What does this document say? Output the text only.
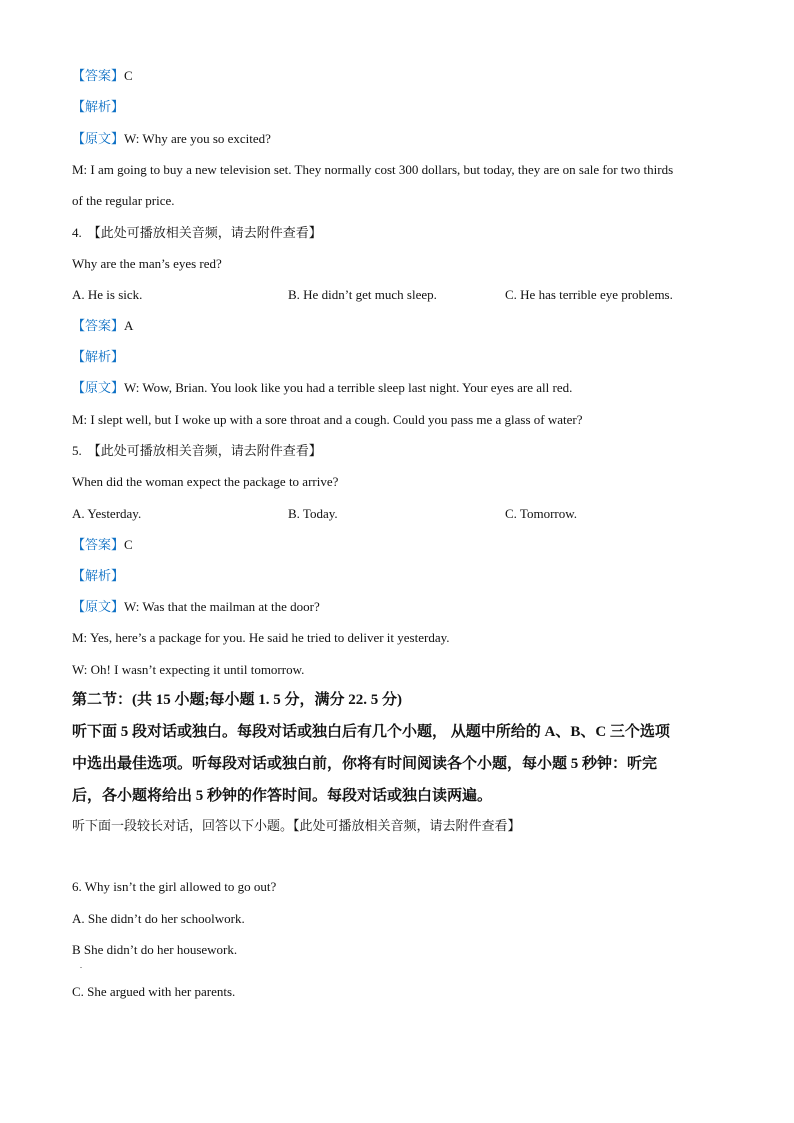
【答案】C
【解析】
【原文】W: Why are you so excited?
M: I am going to buy a new television set. They normally cost 300 dollars, but today, they are on sale for two thirds
of the regular price.
4. 【此处可播放相关音频，请去附件查看】
Why are the man’s eyes red?
A. He is sick.	B. He didn’t get much sleep.	C. He has terrible eye problems.
【答案】A
【解析】
【原文】W: Wow, Brian. You look like you had a terrible sleep last night. Your eyes are all red.
M: I slept well, but I woke up with a sore throat and a cough. Could you pass me a glass of water?
5. 【此处可播放相关音频，请去附件查看】
When did the woman expect the package to arrive?
A. Yesterday.	B. Today.	C. Tomorrow.
【答案】C
【解析】
【原文】W: Was that the mailman at the door?
M: Yes, here’s a package for you. He said he tried to deliver it yesterday.
W: Oh! I wasn’t expecting it until tomorrow.
第二节：(共 15 小题;每小题 1. 5 分，满分 22. 5 分)
听下面 5 段对话或独白。每段对话或独白后有几个小题， 从题中所给的 A、B、C 三个选项
中选出最佳选项。听每段对话或独白前，你将有时间阅读各个小题，每小题 5 秒钟：听完
后，各小题将给出 5 秒钟的作答时间。每段对话或独白读两遍。
听下面一段较长对话，回答以下小题。【此处可播放相关音频，请去附件查看】
6. Why isn’t the girl allowed to go out?
A. She didn’t do her schoolwork.
B She didn’t do her housework.
.
C. She argued with her parents.
